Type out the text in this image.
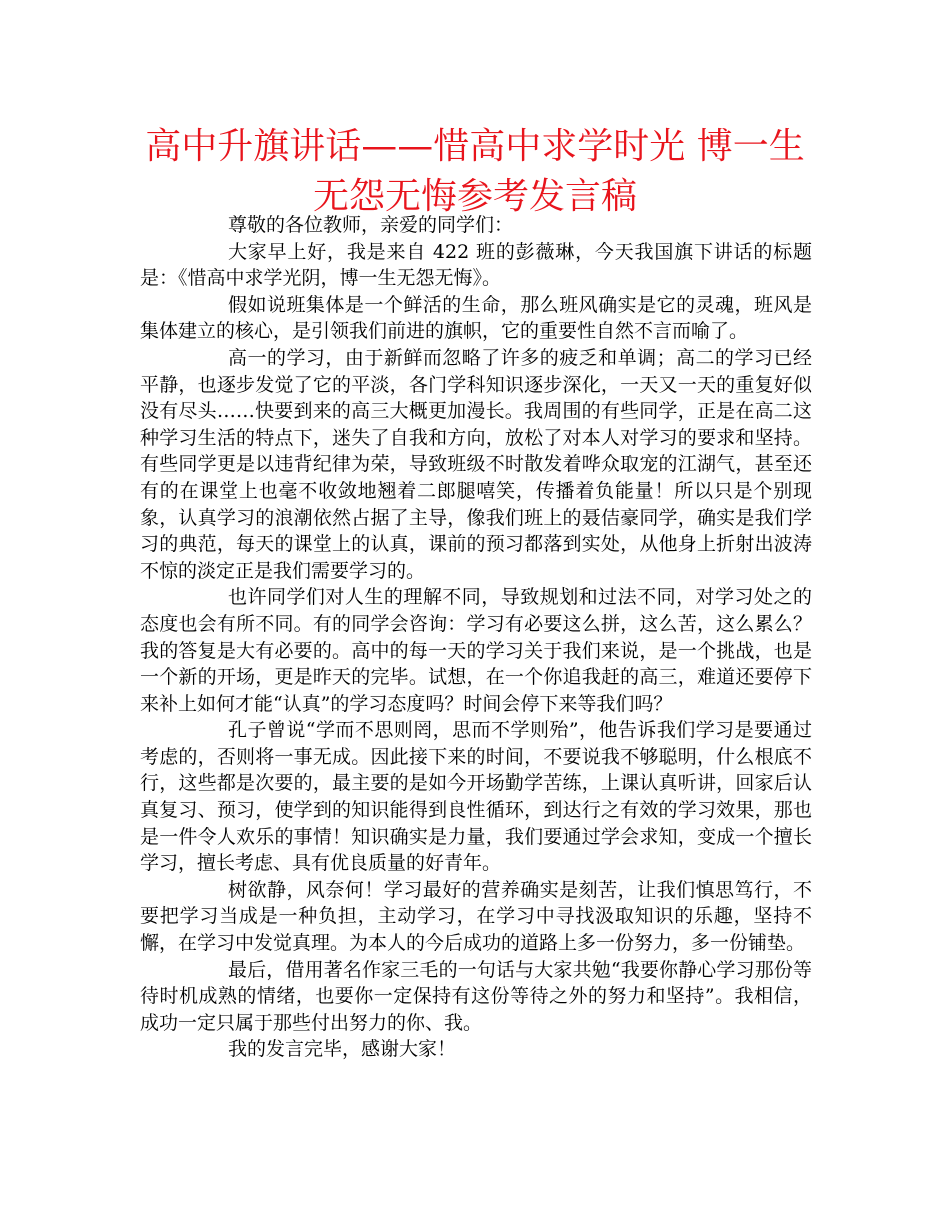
高中升旗讲话——惜高中求学时光 博一生
无怨无悔参考发言稿

尊敬的各位教师，亲爱的同学们：

大家早上好，我是来自 422 班的彭薇琳，今天我国旗下讲话的标题是：《惜高中求学光阴，博一生无怨无悔》。

假如说班集体是一个鲜活的生命，那么班风确实是它的灵魂，班风是集体建立的核心，是引领我们前进的旗帜，它的重要性自然不言而喻了。

高一的学习，由于新鲜而忽略了许多的疲乏和单调；高二的学习已经平静，也逐步发觉了它的平淡，各门学科知识逐步深化，一天又一天的重复好似没有尽头……快要到来的高三大概更加漫长。我周围的有些同学，正是在高二这种学习生活的特点下，迷失了自我和方向，放松了对本人对学习的要求和坚持。有些同学更是以违背纪律为荣，导致班级不时散发着哗众取宠的江湖气，甚至还有的在课堂上也毫不收敛地翘着二郎腿嘻笑，传播着负能量！所以只是个别现象，认真学习的浪潮依然占据了主导，像我们班上的聂佶豪同学，确实是我们学习的典范，每天的课堂上的认真，课前的预习都落到实处，从他身上折射出波涛不惊的淡定正是我们需要学习的。

也许同学们对人生的理解不同，导致规划和过法不同，对学习处之的态度也会有所不同。有的同学会咨询：学习有必要这么拼，这么苦，这么累么？我的答复是大有必要的。高中的每一天的学习关于我们来说，是一个挑战，也是一个新的开场，更是昨天的完毕。试想，在一个你追我赶的高三，难道还要停下来补上如何才能“认真”的学习态度吗？时间会停下来等我们吗？

孔子曾说“学而不思则罔，思而不学则殆”，他告诉我们学习是要通过考虑的，否则将一事无成。因此接下来的时间，不要说我不够聪明，什么根底不行，这些都是次要的，最主要的是如今开场勤学苦练，上课认真听讲，回家后认真复习、预习，使学到的知识能得到良性循环，到达行之有效的学习效果，那也是一件令人欢乐的事情！知识确实是力量，我们要通过学会求知，变成一个擅长学习，擅长考虑、具有优良质量的好青年。

树欲静，风奈何！学习最好的营养确实是刻苦，让我们慎思笃行，不要把学习当成是一种负担，主动学习，在学习中寻找汲取知识的乐趣，坚持不懈，在学习中发觉真理。为本人的今后成功的道路上多一份努力，多一份铺垫。

最后，借用著名作家三毛的一句话与大家共勉“我要你静心学习那份等待时机成熟的情绪，也要你一定保持有这份等待之外的努力和坚持”。我相信，成功一定只属于那些付出努力的你、我。

我的发言完毕，感谢大家！
